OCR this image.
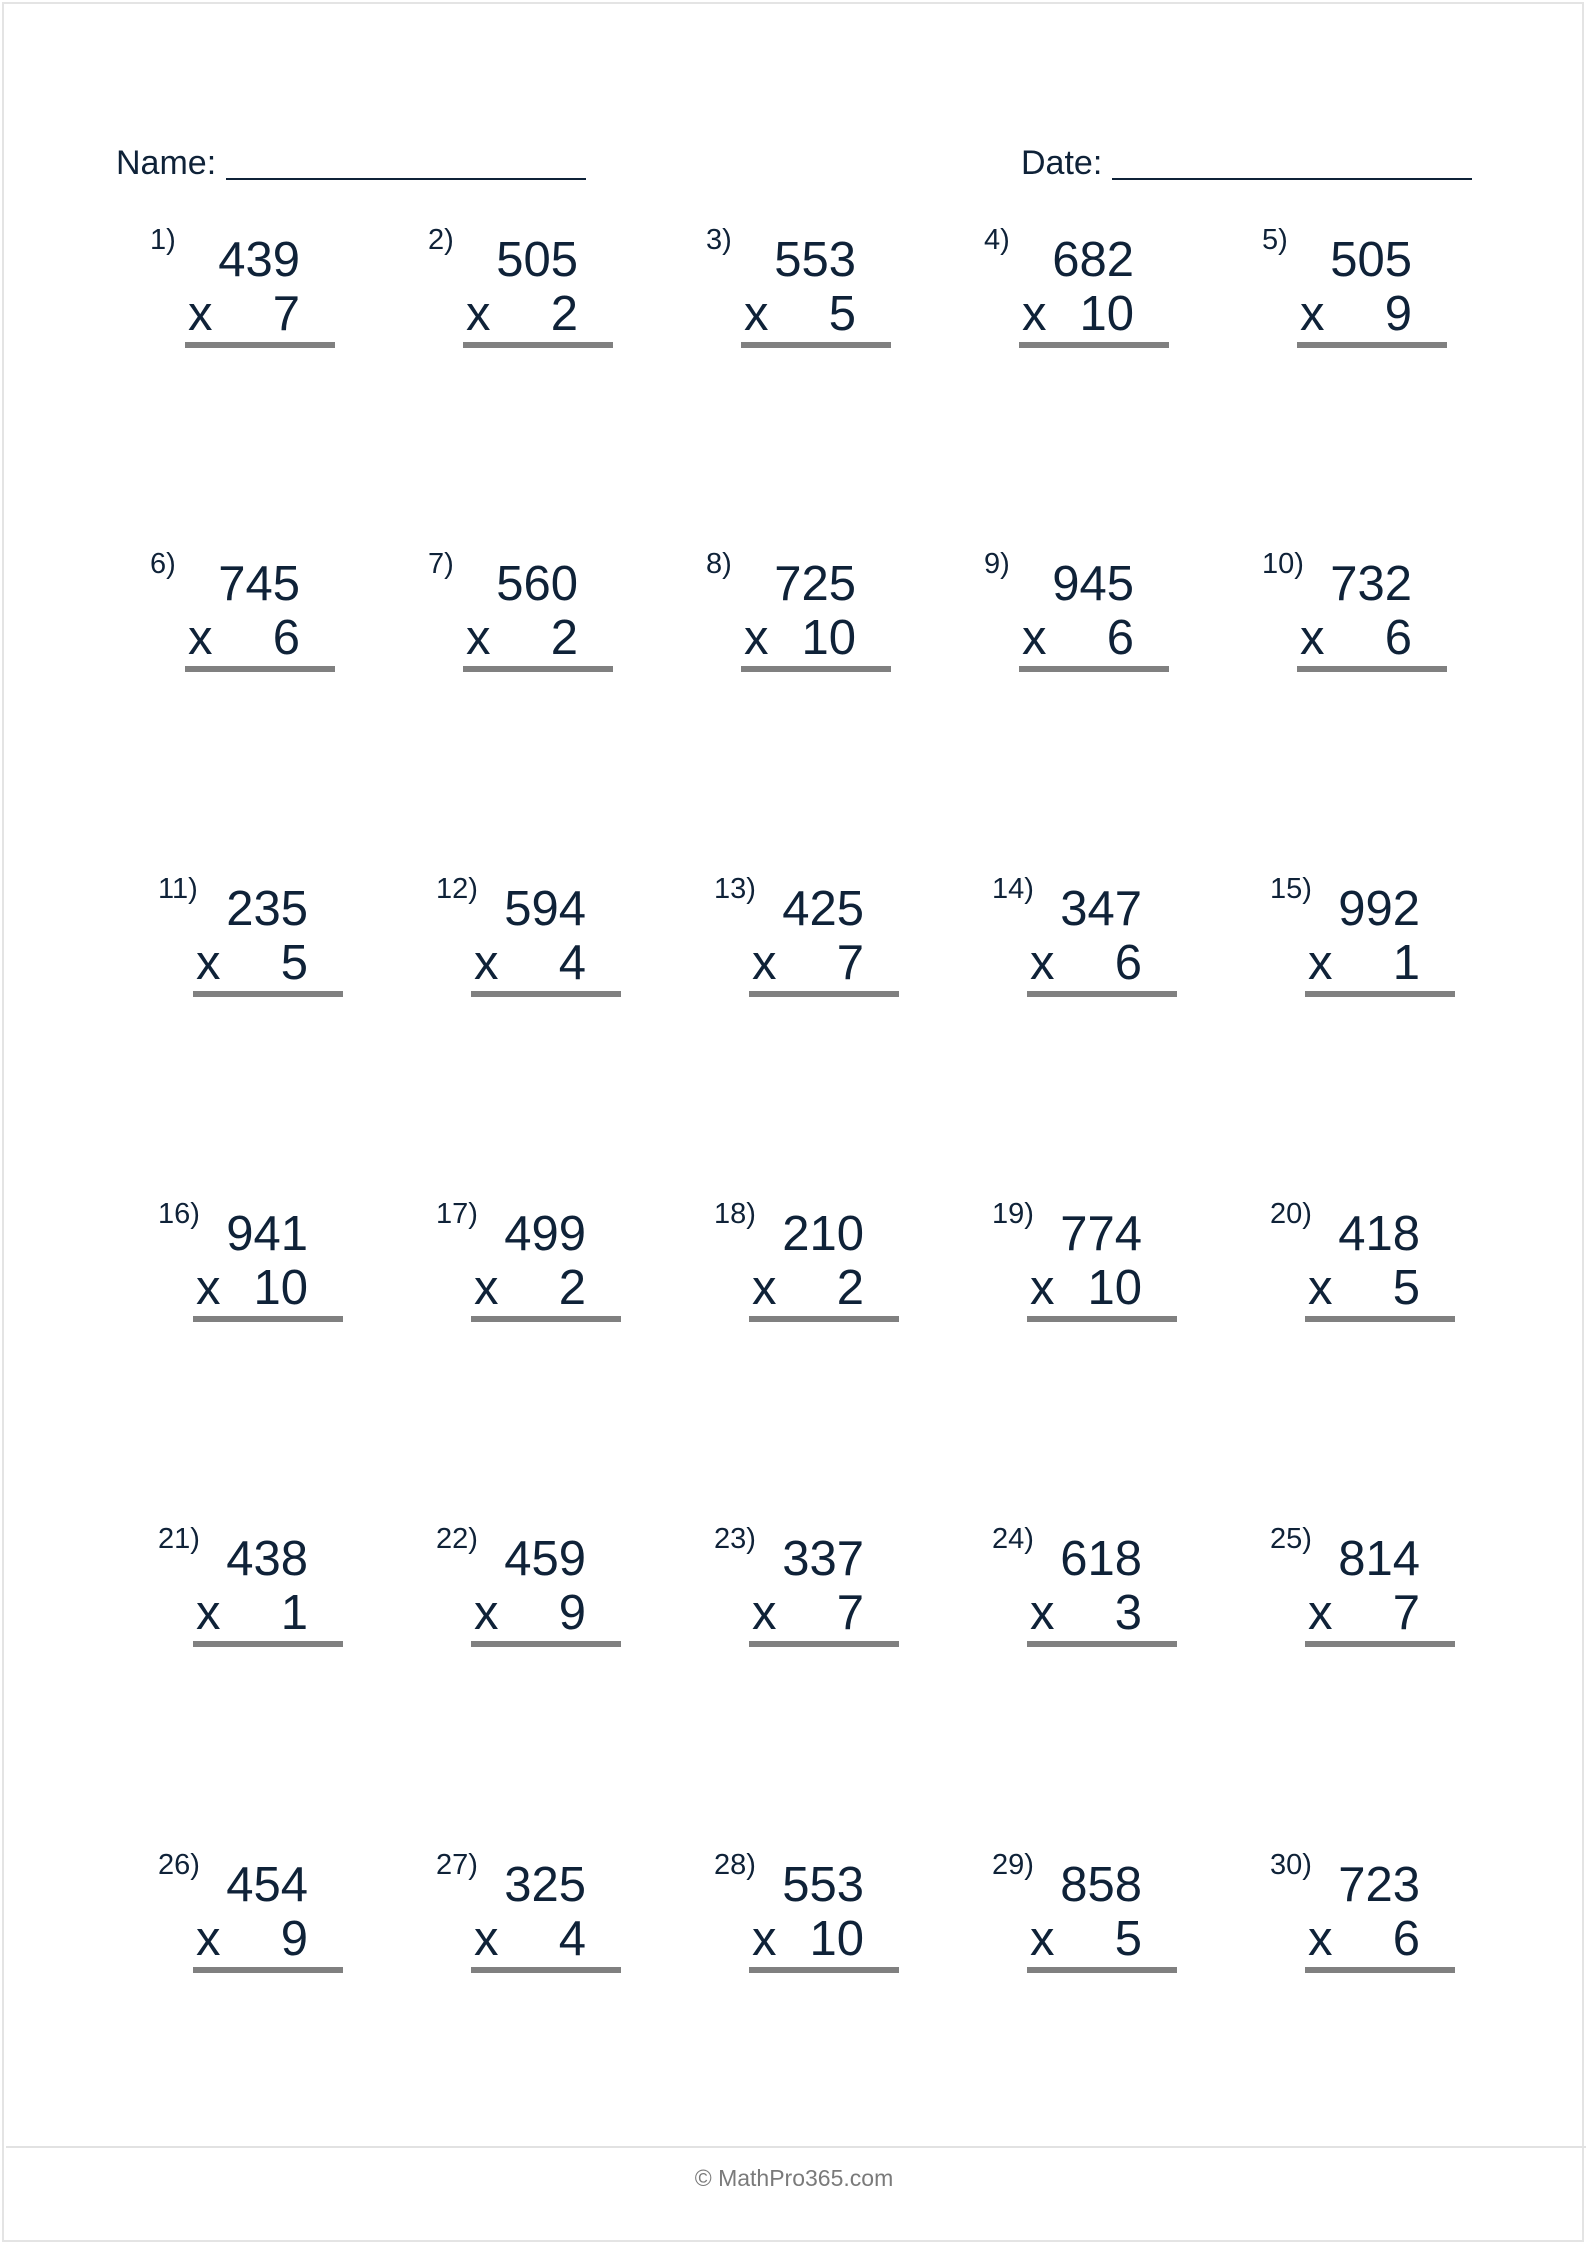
Name:	Date:
1) 439
x 7
2) 505
x 2
3) 553
x 5
4) 682
x 10
5) 505
x 9
6) 745
x 6
7) 560
x 2
8) 725
x 10
9) 945
x 6
10) 732
x 6
11) 235
x 5
12) 594
x 4
13) 425
x 7
14) 347
x 6
15) 992
x 1
16) 941
x 10
17) 499
x 2
18) 210
x 2
19) 774
x 10
20) 418
x 5
21) 438
x 1
22) 459
x 9
23) 337
x 7
24) 618
x 3
25) 814
x 7
26) 454
x 9
27) 325
x 4
28) 553
x 10
29) 858
x 5
30) 723
x 6
© MathPro365.com
